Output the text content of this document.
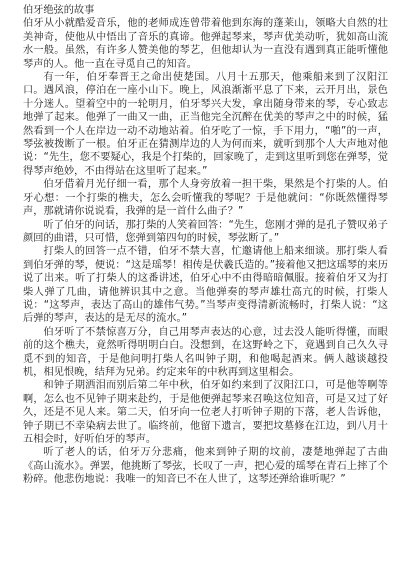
伯牙绝弦的故事

伯牙从小就酷爱音乐，他的老师成连曾带着他到东海的蓬莱山，领略大自然的壮美神奇，使他从中悟出了音乐的真谛。他弹起琴来，琴声优美动听，犹如高山流水一般。虽然，有许多人赞美他的琴艺，但他却认为一直没有遇到真正能听懂他琴声的人。他一直在寻觅自己的知音。

有一年，伯牙奉晋王之命出使楚国。八月十五那天，他乘船来到了汉阳江口。遇风浪，停泊在一座小山下。晚上，风浪渐渐平息了下来，云开月出，景色十分迷人。望着空中的一轮明月，伯牙琴兴大发，拿出随身带来的琴，专心致志地弹了起来。他弹了一曲又一曲，正当他完全沉醉在优美的琴声之中的时候，猛然看到一个人在岸边一动不动地站着。伯牙吃了一惊，手下用力，“啪”的一声，琴弦被拨断了一根。伯牙正在猜测岸边的人为何而来，就听到那个人大声地对他说：“先生，您不要疑心，我是个打柴的，回家晚了，走到这里听到您在弹琴，觉得琴声绝妙，不由得站在这里听了起来。”

伯牙借着月光仔细一看，那个人身旁放着一担干柴，果然是个打柴的人。伯牙心想：一个打柴的樵夫，怎么会听懂我的琴呢？于是他就问：“你既然懂得琴声，那就请你说说看，我弹的是一首什么曲子？”

听了伯牙的问话，那打柴的人笑着回答：“先生，您刚才弹的是孔子赞叹弟子颜回的曲谱，只可惜，您弹到第四句的时候，琴弦断了。”

打柴人的回答一点不错，伯牙不禁大喜，忙邀请他上船来细谈。那打柴人看到伯牙弹的琴，便说：“这是瑶琴！相传是伏羲氏造的。”接着他又把这瑶琴的来历说了出来。听了打柴人的这番讲述，伯牙心中不由得暗暗佩服。接着伯牙又为打柴人弹了几曲，请他辨识其中之意。当他弹奏的琴声雄壮高亢的时候，打柴人说：“这琴声，表达了高山的雄伟气势。”当琴声变得清新流畅时，打柴人说：“这后弹的琴声，表达的是无尽的流水。”

伯牙听了不禁惊喜万分，自己用琴声表达的心意，过去没人能听得懂，而眼前的这个樵夫，竟然听得明明白白。没想到，在这野岭之下，竟遇到自己久久寻觅不到的知音，于是他问明打柴人名叫钟子期，和他喝起酒来。俩人越谈越投机，相见恨晚，结拜为兄弟。约定来年的中秋再到这里相会。

和钟子期洒泪而别后第二年中秋，伯牙如约来到了汉阳江口，可是他等啊等啊，怎么也不见钟子期来赴约，于是他便弹起琴来召唤这位知音，可是又过了好久，还是不见人来。第二天，伯牙向一位老人打听钟子期的下落，老人告诉他，钟子期已不幸染病去世了。临终前，他留下遗言，要把坟墓修在江边，到八月十五相会时，好听伯牙的琴声。

听了老人的话，伯牙万分悲痛，他来到钟子期的坟前，凄楚地弹起了古曲《高山流水》。弹罢，他挑断了琴弦，长叹了一声，把心爱的瑶琴在青石上摔了个粉碎。他悲伤地说：我唯一的知音已不在人世了，这琴还弹给谁听呢？”
